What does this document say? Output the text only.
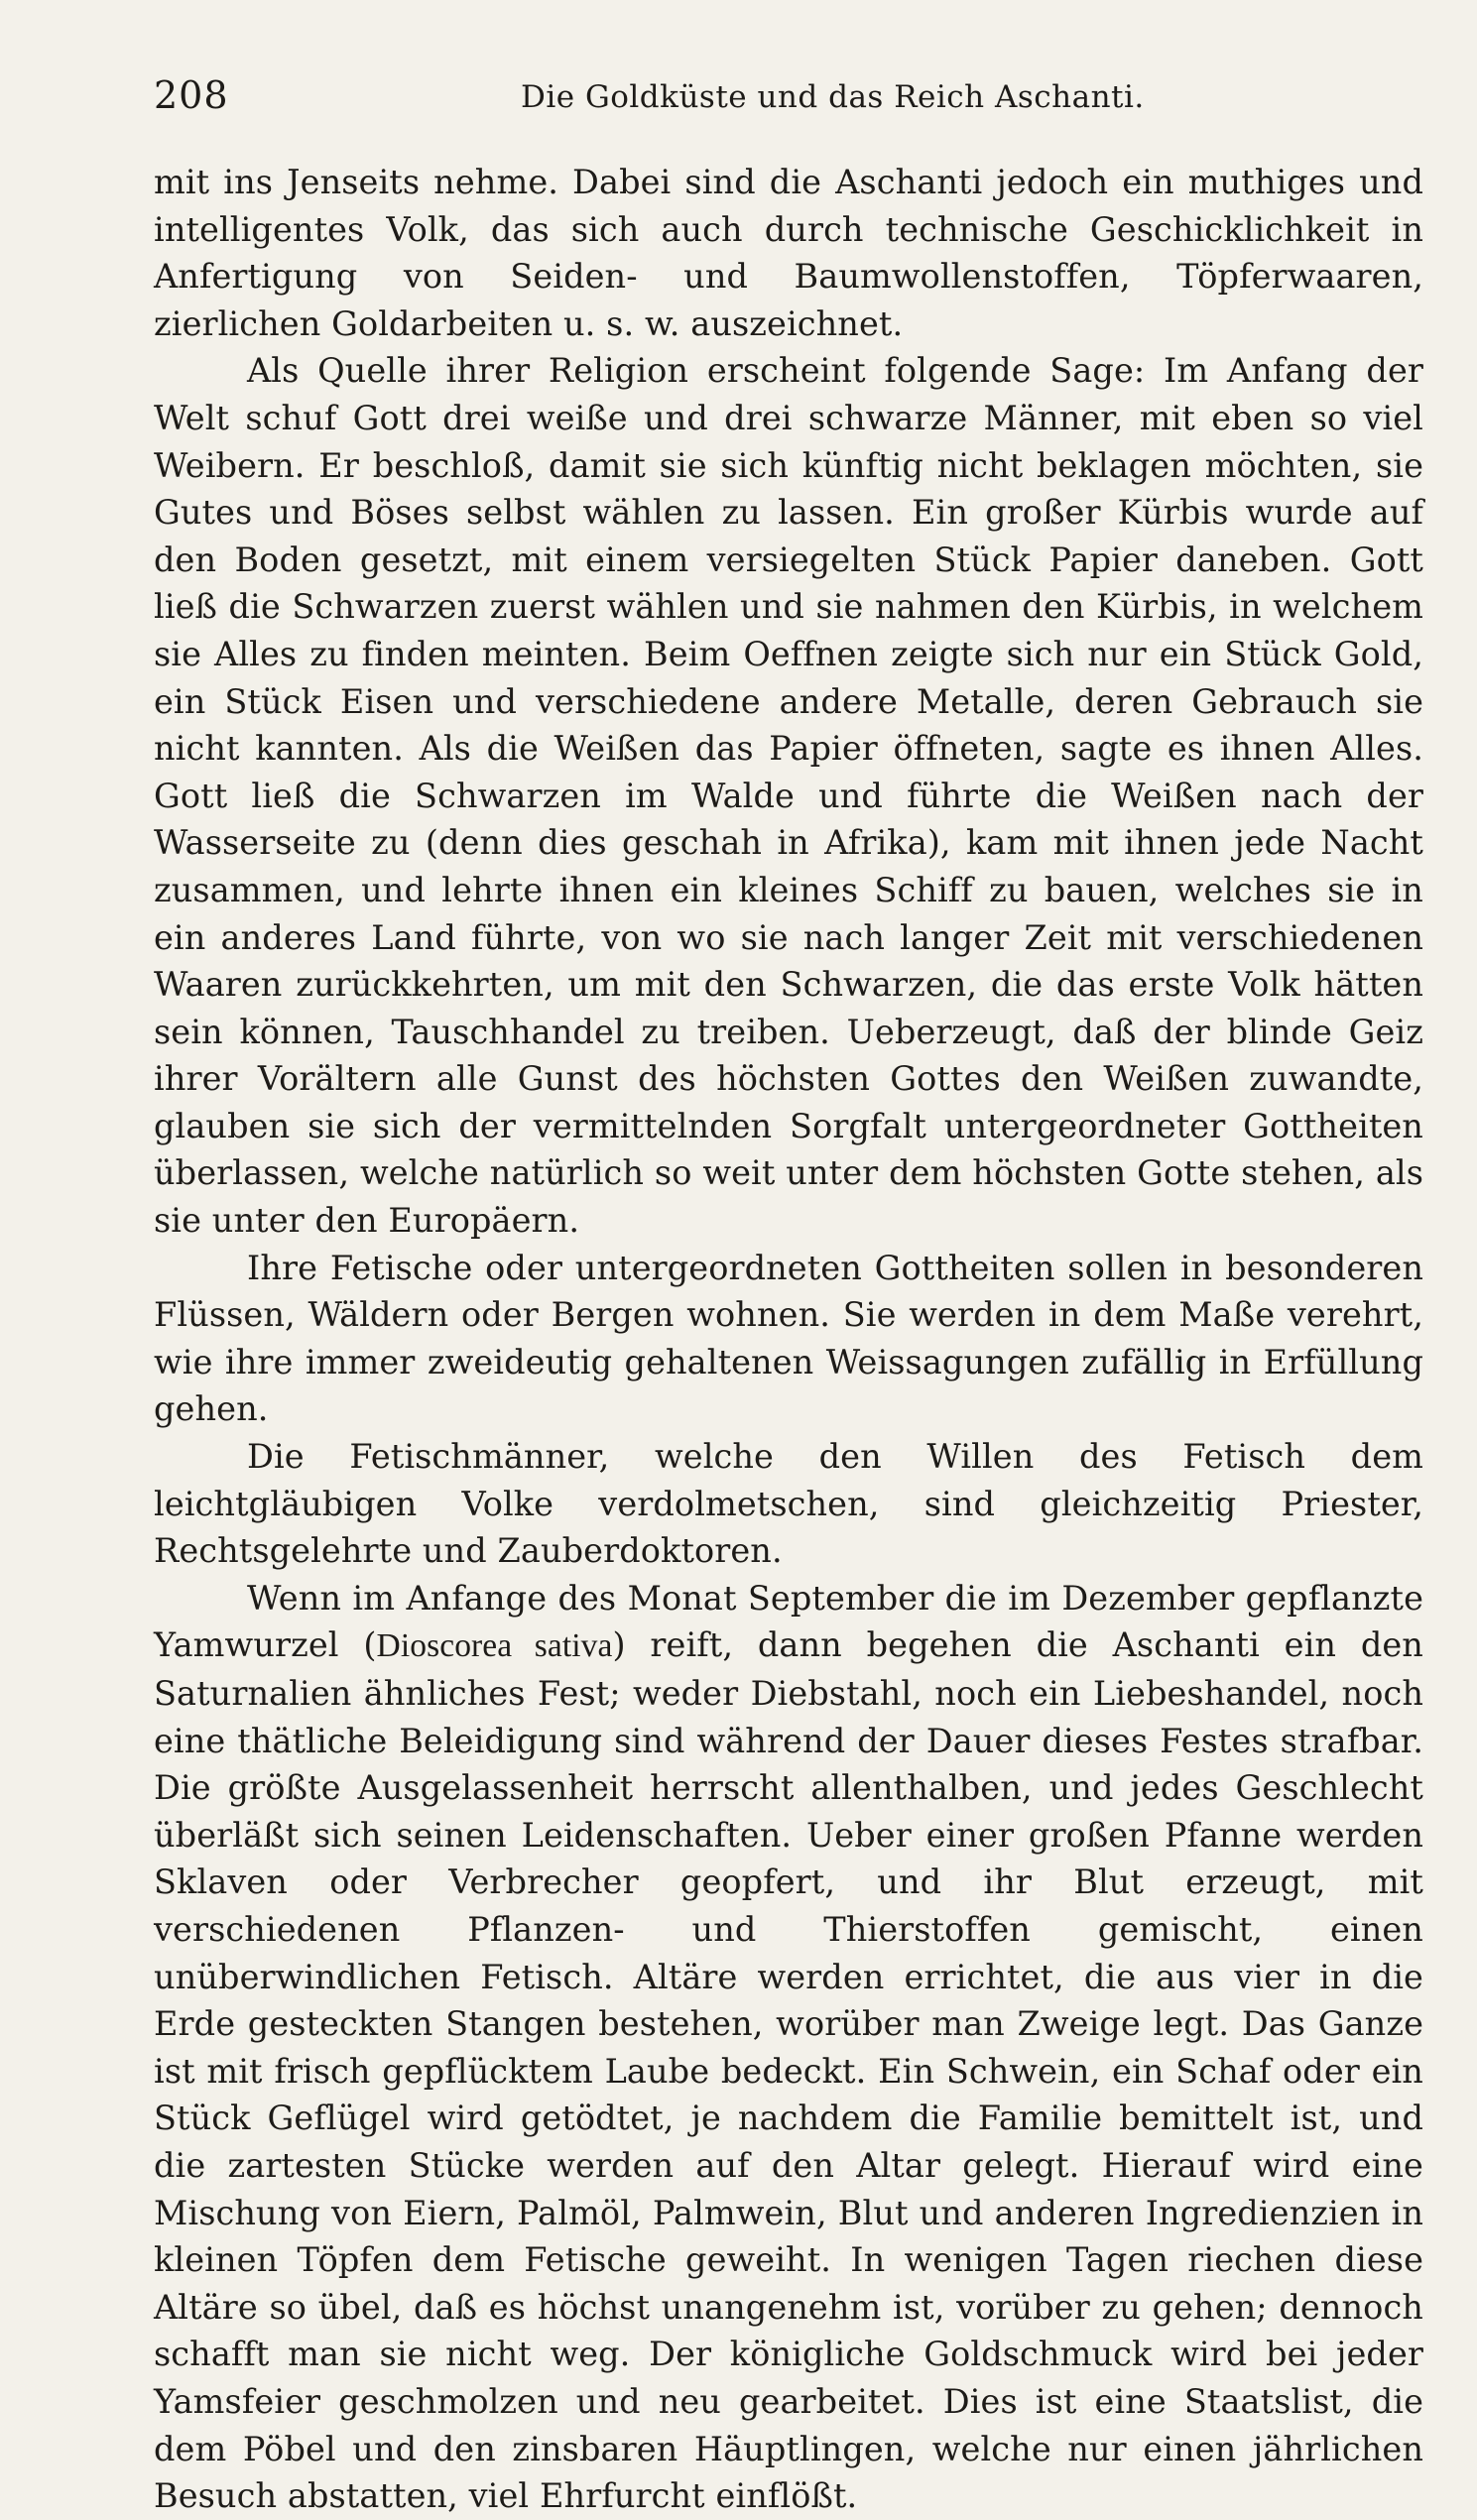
208	Die Goldküste und das Reich Aschanti.

mit ins Jenseits nehme. Dabei sind die Aschanti jedoch ein muthiges und intelligentes Volk, das sich auch durch technische Geschicklichkeit in Anfertigung von Seiden- und Baumwollenstoffen, Töpferwaaren, zierlichen Goldarbeiten u. s. w. auszeichnet.

Als Quelle ihrer Religion erscheint folgende Sage: Im Anfang der Welt schuf Gott drei weiße und drei schwarze Männer, mit eben so viel Weibern. Er beschloß, damit sie sich künftig nicht beklagen möchten, sie Gutes und Böses selbst wählen zu lassen. Ein großer Kürbis wurde auf den Boden gesetzt, mit einem versiegelten Stück Papier daneben. Gott ließ die Schwarzen zuerst wählen und sie nahmen den Kürbis, in welchem sie Alles zu finden meinten. Beim Oeffnen zeigte sich nur ein Stück Gold, ein Stück Eisen und verschiedene andere Metalle, deren Gebrauch sie nicht kannten. Als die Weißen das Papier öffneten, sagte es ihnen Alles. Gott ließ die Schwarzen im Walde und führte die Weißen nach der Wasserseite zu (denn dies geschah in Afrika), kam mit ihnen jede Nacht zusammen, und lehrte ihnen ein kleines Schiff zu bauen, welches sie in ein anderes Land führte, von wo sie nach langer Zeit mit verschiedenen Waaren zurückkehrten, um mit den Schwarzen, die das erste Volk hätten sein können, Tauschhandel zu treiben. Ueberzeugt, daß der blinde Geiz ihrer Vorältern alle Gunst des höchsten Gottes den Weißen zuwandte, glauben sie sich der vermittelnden Sorgfalt untergeordneter Gottheiten überlassen, welche natürlich so weit unter dem höchsten Gotte stehen, als sie unter den Europäern.

Ihre Fetische oder untergeordneten Gottheiten sollen in besonderen Flüssen, Wäldern oder Bergen wohnen. Sie werden in dem Maße verehrt, wie ihre immer zweideutig gehaltenen Weissagungen zufällig in Erfüllung gehen.

Die Fetischmänner, welche den Willen des Fetisch dem leichtgläubigen Volke verdolmetschen, sind gleichzeitig Priester, Rechtsgelehrte und Zauberdoktoren.

Wenn im Anfange des Monat September die im Dezember gepflanzte Yamwurzel (Dioscorea sativa) reift, dann begehen die Aschanti ein den Saturnalien ähnliches Fest; weder Diebstahl, noch ein Liebeshandel, noch eine thätliche Beleidigung sind während der Dauer dieses Festes strafbar. Die größte Ausgelassenheit herrscht allenthalben, und jedes Geschlecht überläßt sich seinen Leidenschaften. Ueber einer großen Pfanne werden Sklaven oder Verbrecher geopfert, und ihr Blut erzeugt, mit verschiedenen Pflanzen- und Thierstoffen gemischt, einen unüberwindlichen Fetisch. Altäre werden errichtet, die aus vier in die Erde gesteckten Stangen bestehen, worüber man Zweige legt. Das Ganze ist mit frisch gepflücktem Laube bedeckt. Ein Schwein, ein Schaf oder ein Stück Geflügel wird getödtet, je nachdem die Familie bemittelt ist, und die zartesten Stücke werden auf den Altar gelegt. Hierauf wird eine Mischung von Eiern, Palmöl, Palmwein, Blut und anderen Ingredienzien in kleinen Töpfen dem Fetische geweiht. In wenigen Tagen riechen diese Altäre so übel, daß es höchst unangenehm ist, vorüber zu gehen; dennoch schafft man sie nicht weg. Der königliche Goldschmuck wird bei jeder Yamsfeier geschmolzen und neu gearbeitet. Dies ist eine Staatslist, die dem Pöbel und den zinsbaren Häuptlingen, welche nur einen jährlichen Besuch abstatten, viel Ehrfurcht einflößt.
